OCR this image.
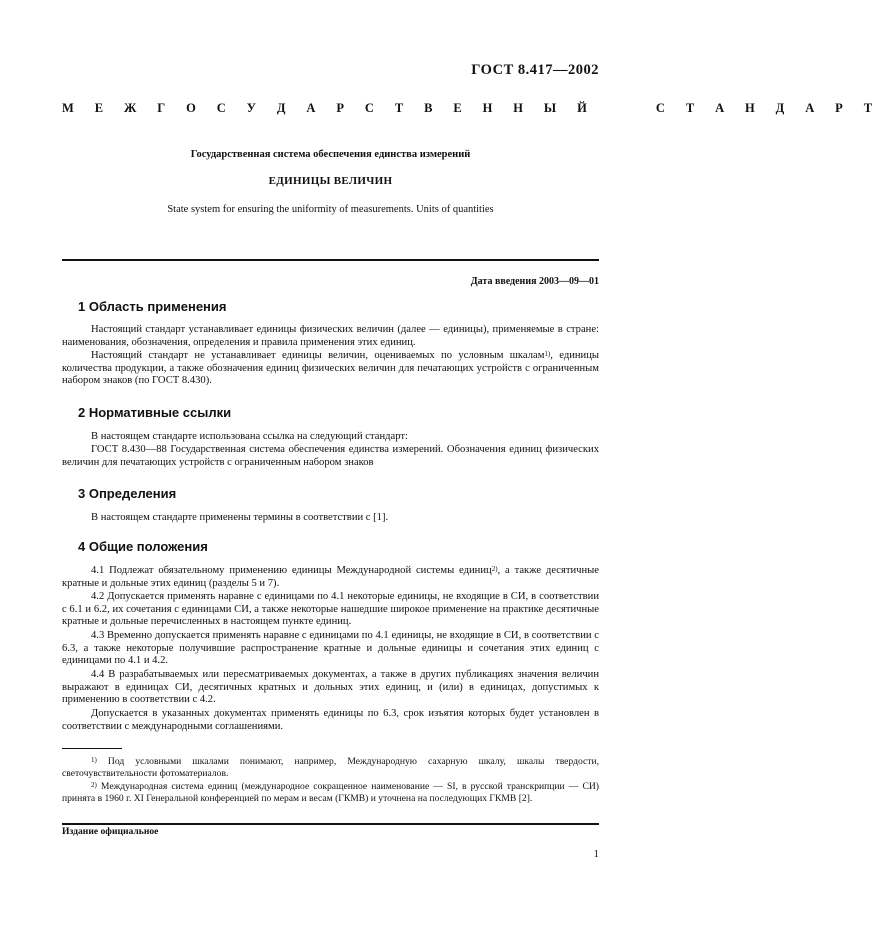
ГОСТ 8.417—2002
М Е Ж Г О С У Д А Р С Т В Е Н Н Ы Й     С Т А Н Д А Р Т
Государственная система обеспечения единства измерений
ЕДИНИЦЫ ВЕЛИЧИН
State system for ensuring the uniformity of measurements. Units of quantities
Дата введения 2003—09—01
1 Область применения
Настоящий стандарт устанавливает единицы физических величин (далее — единицы), применяемые в стране: наименования, обозначения, определения и правила применения этих единиц.
Настоящий стандарт не устанавливает единицы величин, оцениваемых по условным шкалам$^{1)}$, единицы количества продукции, а также обозначения единиц физических величин для печатающих устройств с ограниченным набором знаков (по ГОСТ 8.430).
2 Нормативные ссылки
В настоящем стандарте использована ссылка на следующий стандарт:
ГОСТ 8.430—88 Государственная система обеспечения единства измерений. Обозначения единиц физических величин для печатающих устройств с ограниченным набором знаков
3 Определения
В настоящем стандарте применены термины в соответствии с [1].
4 Общие положения
4.1 Подлежат обязательному применению единицы Международной системы единиц$^{2)}$, а также десятичные кратные и дольные этих единиц (разделы 5 и 7).
4.2 Допускается применять наравне с единицами по 4.1 некоторые единицы, не входящие в СИ, в соответствии с 6.1 и 6.2, их сочетания с единицами СИ, а также некоторые нашедшие широкое применение на практике десятичные кратные и дольные перечисленных в настоящем пункте единиц.
4.3 Временно допускается применять наравне с единицами по 4.1 единицы, не входящие в СИ, в соответствии с 6.3, а также некоторые получившие распространение кратные и дольные единицы и сочетания этих единиц с единицами по 4.1 и 4.2.
4.4 В разрабатываемых или пересматриваемых документах, а также в других публикациях значения величин выражают в единицах СИ, десятичных кратных и дольных этих единиц, и (или) в единицах, допустимых к применению в соответствии с 4.2.
Допускается в указанных документах применять единицы по 6.3, срок изъятия которых будет установлен в соответствии с международными соглашениями.
$^{1)}$ Под условными шкалами понимают, например, Международную сахарную шкалу, шкалы твердости, светочувствительности фотоматериалов.
$^{2)}$ Международная система единиц (международное сокращенное наименование — SI, в русской транскрипции — СИ) принята в 1960 г. XI Генеральной конференцией по мерам и весам (ГКМВ) и уточнена на последующих ГКМВ [2].
Издание официальное
1
